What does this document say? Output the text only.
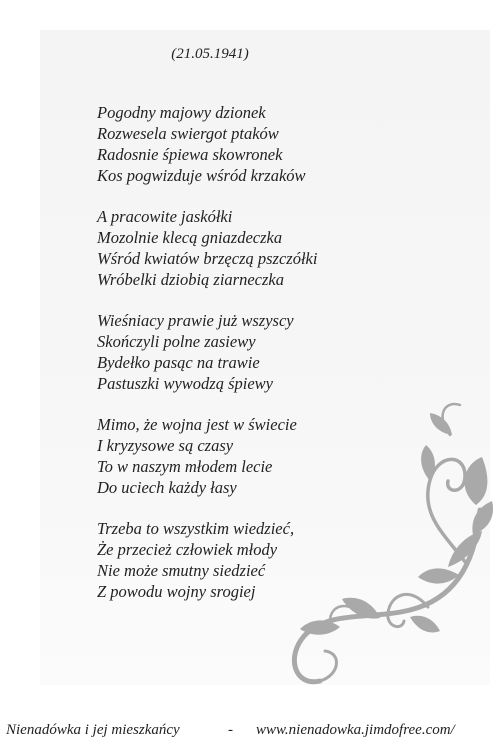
(21.05.1941)
Pogodny majowy dzionek
Rozwesela swiergot ptaków
Radosnie śpiewa skowronek
Kos pogwizduje wśród krzaków
A pracowite jaskółki
Mozolnie klecą gniazdeczka
Wśród kwiatów brzęczą pszczółki
Wróbelki dziobią ziarneczka
Wieśniacy prawie już wszyscy
Skończyli polne zasiewy
Bydełko pasąc na trawie
Pastuszki wywodzą śpiewy
Mimo, że wojna jest w świecie
I kryzysowe są czasy
To w naszym młodem lecie
Do uciech każdy łasy
Trzeba to wszystkim wiedzieć,
Że przecież człowiek młody
Nie może smutny siedzieć
Z powodu wojny srogiej
Nienadówka i jej mieszkańcy	- www.nienadowka.jimdofree.com/
